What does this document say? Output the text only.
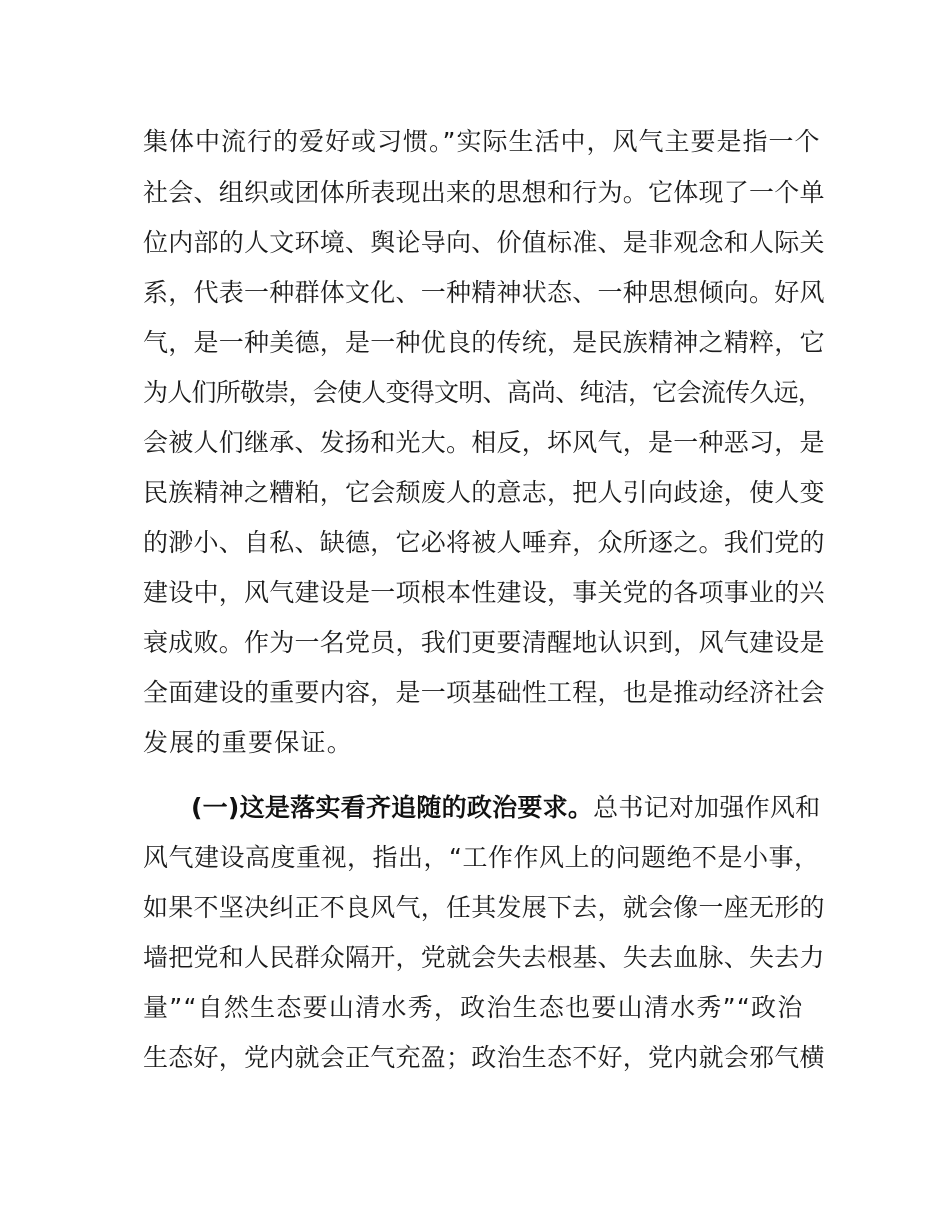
集体中流行的爱好或习惯。”实际生活中，风气主要是指一个
社会、组织或团体所表现出来的思想和行为。它体现了一个单
位内部的人文环境、舆论导向、价值标准、是非观念和人际关
系，代表一种群体文化、一种精神状态、一种思想倾向。好风
气，是一种美德，是一种优良的传统，是民族精神之精粹，它
为人们所敬崇，会使人变得文明、高尚、纯洁，它会流传久远，
会被人们继承、发扬和光大。相反，坏风气，是一种恶习，是
民族精神之糟粕，它会颓废人的意志，把人引向歧途，使人变
的渺小、自私、缺德，它必将被人唾弃，众所逐之。我们党的
建设中，风气建设是一项根本性建设，事关党的各项事业的兴
衰成败。作为一名党员，我们更要清醒地认识到，风气建设是
全面建设的重要内容，是一项基础性工程，也是推动经济社会
发展的重要保证。
(一)这是落实看齐追随的政治要求。总书记对加强作风和
风气建设高度重视，指出，“工作作风上的问题绝不是小事，
如果不坚决纠正不良风气，任其发展下去，就会像一座无形的
墙把党和人民群众隔开，党就会失去根基、失去血脉、失去力
量”“自然生态要山清水秀，政治生态也要山清水秀”“政治
生态好，党内就会正气充盈；政治生态不好，党内就会邪气横
